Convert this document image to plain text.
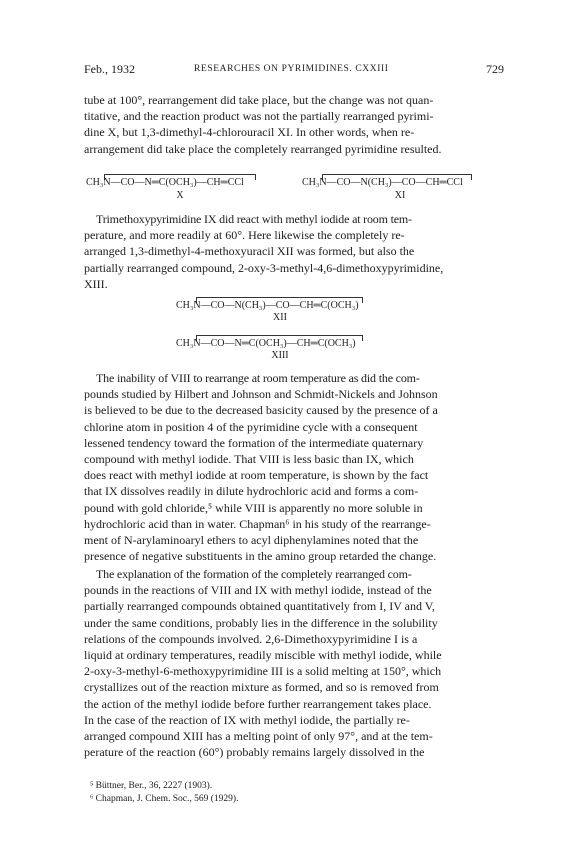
Feb., 1932	RESEARCHES ON PYRIMIDINES. CXXIII	729
tube at 100°, rearrangement did take place, but the change was not quan-
titative, and the reaction product was not the partially rearranged pyrimi-
dine X, but 1,3-dimethyl-4-chlorouracil XI. In other words, when re-
arrangement did take place the completely rearranged pyrimidine resulted.
CH₃N—CO—N═C(OCH₃)—CH═CCl
X
CH₃N—CO—N(CH₃)—CO—CH═CCl
XI
Trimethoxypyrimidine IX did react with methyl iodide at room tem-
perature, and more readily at 60°. Here likewise the completely re-
arranged 1,3-dimethyl-4-methoxyuracil XII was formed, but also the
partially rearranged compound, 2-oxy-3-methyl-4,6-dimethoxypyrimidine,
XIII.
CH₃N—CO—N(CH₃)—CO—CH═C(OCH₃)
XII
CH₃N—CO—N═C(OCH₃)—CH═C(OCH₃)
XIII
The inability of VIII to rearrange at room temperature as did the com-
pounds studied by Hilbert and Johnson and Schmidt-Nickels and Johnson
is believed to be due to the decreased basicity caused by the presence of a
chlorine atom in position 4 of the pyrimidine cycle with a consequent
lessened tendency toward the formation of the intermediate quaternary
compound with methyl iodide. That VIII is less basic than IX, which
does react with methyl iodide at room temperature, is shown by the fact
that IX dissolves readily in dilute hydrochloric acid and forms a com-
pound with gold chloride,⁵ while VIII is apparently no more soluble in
hydrochloric acid than in water. Chapman⁶ in his study of the rearrange-
ment of N-arylaminoaryl ethers to acyl diphenylamines noted that the
presence of negative substituents in the amino group retarded the change.
The explanation of the formation of the completely rearranged com-
pounds in the reactions of VIII and IX with methyl iodide, instead of the
partially rearranged compounds obtained quantitatively from I, IV and V,
under the same conditions, probably lies in the difference in the solubility
relations of the compounds involved. 2,6-Dimethoxypyrimidine I is a
liquid at ordinary temperatures, readily miscible with methyl iodide, while
2-oxy-3-methyl-6-methoxypyrimidine III is a solid melting at 150°, which
crystallizes out of the reaction mixture as formed, and so is removed from
the action of the methyl iodide before further rearrangement takes place.
In the case of the reaction of IX with methyl iodide, the partially re-
arranged compound XIII has a melting point of only 97°, and at the tem-
perature of the reaction (60°) probably remains largely dissolved in the
⁵ Büttner, Ber., 36, 2227 (1903).
⁶ Chapman, J. Chem. Soc., 569 (1929).
